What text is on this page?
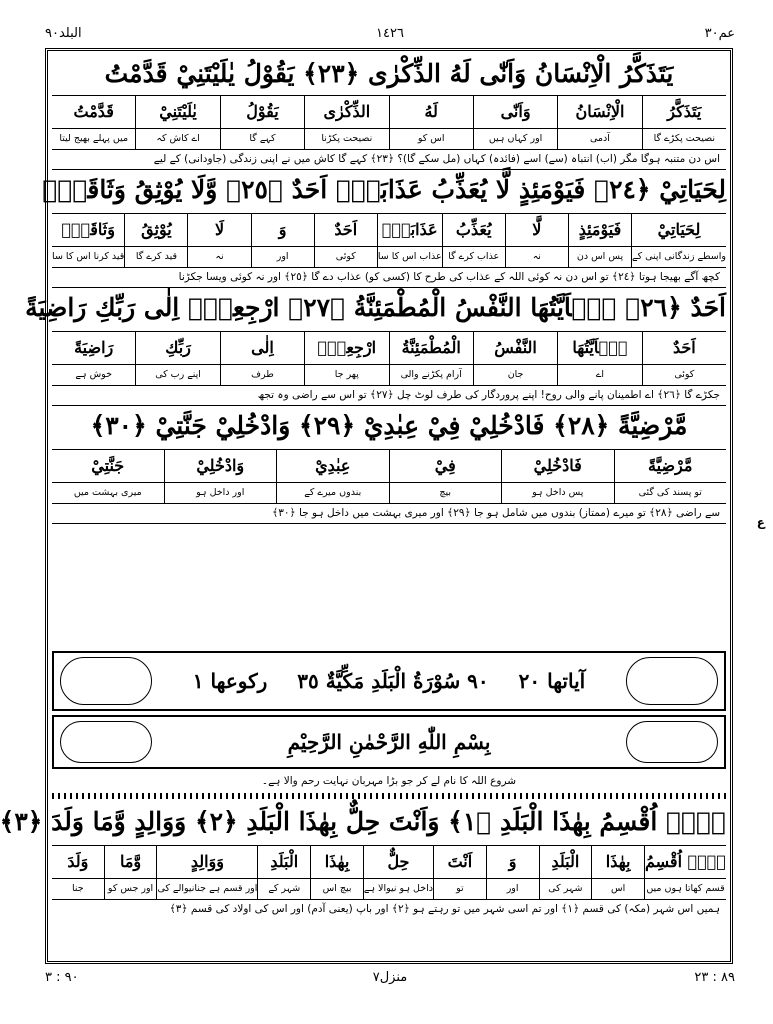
عم٣٠
١٤٢٦
البلد٩٠
يَتَذَكَّرُ الْاِنْسَانُ وَاَنّٰى لَهُ الذِّكْرٰى ﴿٢٣﴾ يَقُوْلُ يٰلَيْتَنِيْ قَدَّمْتُ
يَتَذَكَّرُ
نصیحت پکڑے گا
الْاِنْسَانُ
آدمی
وَاَنّٰى
اور کہاں ہیں
لَهُ
اس کو
الذِّكْرٰى
نصیحت پکڑنا
يَقُوْلُ
کہے گا
يٰلَيْتَنِيْ
اے کاش کہ
قَدَّمْتُ
میں پہلے بھیج لیتا
اس دن متنبہ ہوگا مگر (اب) انتباہ (سے) اسے (فائدہ) کہاں (مل سکے گا)؟ ﴿٢٣﴾ کہے گا کاش میں نے اپنی زندگی (جاودانی) کے لیے
لِحَيَاتِيْ ﴿٢٤﴾ فَيَوْمَئِذٍ لَّا يُعَذِّبُ عَذَابَهٗۤ اَحَدٌ ﴿٢٥﴾ وَّلَا يُوْثِقُ وَثَاقَهٗۤ
لِحَيَاتِيْ
واسطے زندگانی اپنی کے
فَيَوْمَئِذٍ
پس اس دن
لَّا
نہ
يُعَذِّبُ
عذاب کرے گا
عَذَابَهٗۤ
عذاب اس کا سا
اَحَدٌ
کوئی
وَ
اور
لَا
نہ
يُوْثِقُ
قید کرے گا
وَثَاقَهٗۤ
قید کرنا اس کا سا
کچھ آگے بھیجا ہوتا ﴿٢٤﴾ تو اس دن نہ کوئی اللہ کے عذاب کی طرح کا (کسی کو) عذاب دے گا ﴿٢٥﴾ اور نہ کوئی ویسا جکڑنا
اَحَدٌ ﴿٢٦﴾ يٰۤاَيَّتُهَا النَّفْسُ الْمُطْمَئِنَّةُ ﴿٢٧﴾ ارْجِعِيْۤ اِلٰى رَبِّكِ رَاضِيَةً
اَحَدٌ
کوئی
يٰۤاَيَّتُهَا
اے
النَّفْسُ
جان
الْمُطْمَئِنَّةُ
آرام پکڑنے والی
ارْجِعِيْۤ
پھر جا
اِلٰى
طرف
رَبِّكِ
اپنے رب کی
رَاضِيَةً
خوش ہے
جکڑے گا ﴿٢٦﴾ اے اطمینان پانے والی روح! اپنے پروردگار کی طرف لوٹ چل ﴿٢٧﴾ تو اس سے راضی وہ تجھ
مَّرْضِيَّةً ﴿٢٨﴾ فَادْخُلِيْ فِيْ عِبٰدِيْ ﴿٢٩﴾ وَادْخُلِيْ جَنَّتِيْ ﴿٣٠﴾
مَّرْضِيَّةً
تو پسند کی گئی
فَادْخُلِيْ
پس داخل ہو
فِيْ
بیچ
عِبٰدِيْ
بندوں میرے کے
وَادْخُلِيْ
اور داخل ہو
جَنَّتِيْ
میری بہشت میں
سے راضی ﴿٢٨﴾ تو میرے (ممتاز) بندوں میں شامل ہو جا ﴿٢٩﴾ اور میری بہشت میں داخل ہو جا ﴿٣٠﴾
آیاتها ٢٠
٩٠ سُوْرَةُ الْبَلَدِ مَكِّيَّةٌ ٣٥
رکوعها ١
بِسْمِ اللّٰهِ الرَّحْمٰنِ الرَّحِيْمِ
شروع اللہ کا نام لے کر جو بڑا مہربان نہایت رحم والا ہے۔
لَاۤ اُقْسِمُ بِهٰذَا الْبَلَدِ ﴿١﴾ وَاَنْتَ حِلٌّ بِهٰذَا الْبَلَدِ ﴿٢﴾ وَوَالِدٍ وَّمَا وَلَدَ ﴿٣﴾
لَاۤ اُقْسِمُ
قسم کھاتا ہوں میں
بِهٰذَا
اس
الْبَلَدِ
شہر کی
وَ
اور
اَنْتَ
تو
حِلٌّ
داخل ہو نیوالا ہے
بِهٰذَا
بیچ اس
الْبَلَدِ
شہر کے
وَوَالِدٍ
اور قسم ہے جنانیوالے کی
وَّمَا
اور جس کو
وَلَدَ
جنا
ہمیں اس شہر (مکہ) کی قسم ﴿١﴾ اور تم اسی شہر میں تو رہتے ہو ﴿٢﴾ اور باپ (یعنی آدم) اور اس کی اولاد کی قسم ﴿٣﴾
ع
٨٩ : ٢٣
منزل٧
٩٠ : ٣
